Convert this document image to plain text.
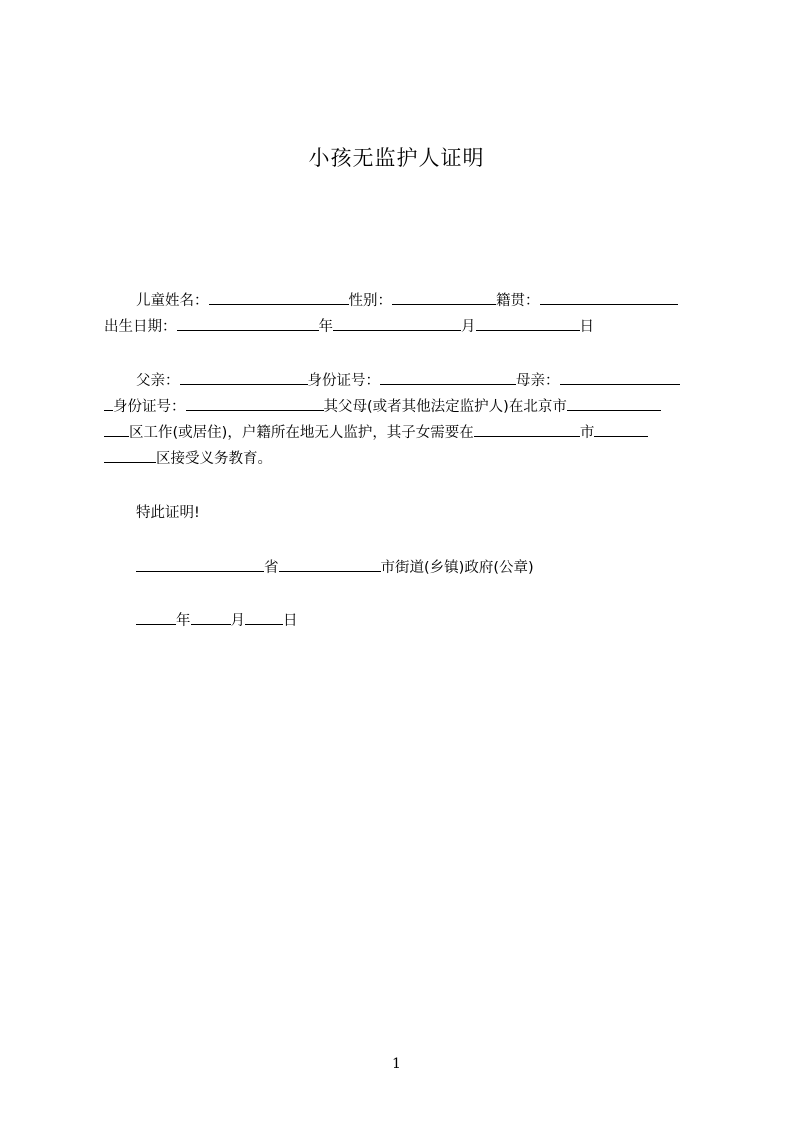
小孩无监护人证明
儿童姓名：	性别：	籍贯：
出生日期：	年	月	日
父亲：	身份证号：	母亲：
身份证号：	其父母(或者其他法定监护人)在北京市
区工作(或居住)，户籍所在地无人监护，其子女需要在	市
区接受义务教育。
特此证明!
省	市街道(乡镇)政府(公章)
年	月	日
1
